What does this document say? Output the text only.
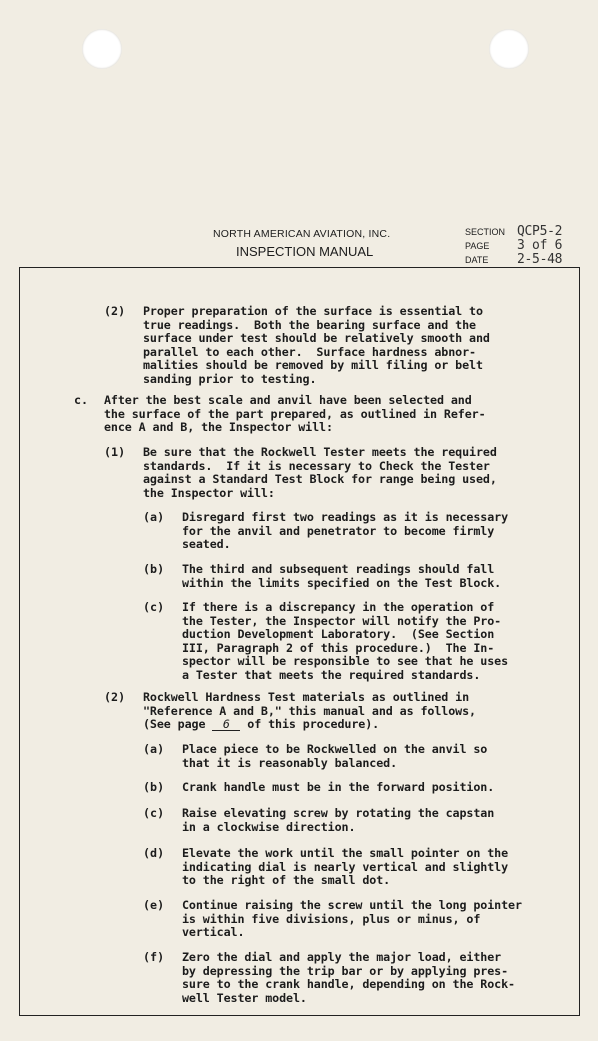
NORTH AMERICAN AVIATION, INC.
INSPECTION MANUAL
SECTION QCP5-2
PAGE	3 of 6
DATE	2-5-48
(2) Proper preparation of the surface is essential to
true readings.  Both the bearing surface and the
surface under test should be relatively smooth and
parallel to each other.  Surface hardness abnor-
malities should be removed by mill filing or belt
sanding prior to testing.

c. After the best scale and anvil have been selected and
the surface of the part prepared, as outlined in Refer-
ence A and B, the Inspector will:

(1) Be sure that the Rockwell Tester meets the required
standards.  If it is necessary to Check the Tester
against a Standard Test Block for range being used,
the Inspector will:

(a) Disregard first two readings as it is necessary
for the anvil and penetrator to become firmly
seated.

(b) The third and subsequent readings should fall
within the limits specified on the Test Block.

(c) If there is a discrepancy in the operation of
the Tester, the Inspector will notify the Pro-
duction Development Laboratory.  (See Section
III, Paragraph 2 of this procedure.)  The In-
spector will be responsible to see that he uses
a Tester that meets the required standards.

(2) Rockwell Hardness Test materials as outlined in
"Reference A and B," this manual and as follows,

(See page 6 of this procedure).

(a) Place piece to be Rockwelled on the anvil so
that it is reasonably balanced.

(b) Crank handle must be in the forward position.

(c) Raise elevating screw by rotating the capstan
in a clockwise direction.

(d) Elevate the work until the small pointer on the
indicating dial is nearly vertical and slightly
to the right of the small dot.

(e) Continue raising the screw until the long pointer
is within five divisions, plus or minus, of
vertical.

(f) Zero the dial and apply the major load, either
by depressing the trip bar or by applying pres-
sure to the crank handle, depending on the Rock-
well Tester model.
